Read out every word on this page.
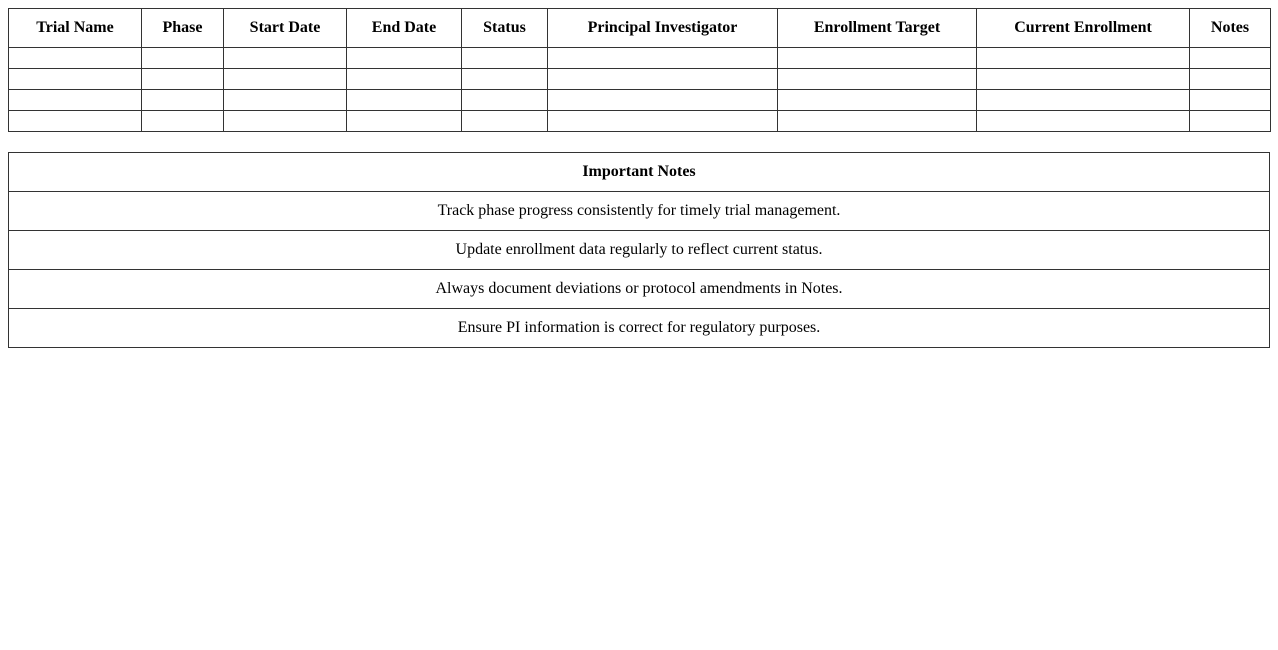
Trial Name	Phase	Start Date	End Date	Status	Principal Investigator	Enrollment Target	Current Enrollment	Notes

Important Notes
Track phase progress consistently for timely trial management.
Update enrollment data regularly to reflect current status.
Always document deviations or protocol amendments in Notes.
Ensure PI information is correct for regulatory purposes.
